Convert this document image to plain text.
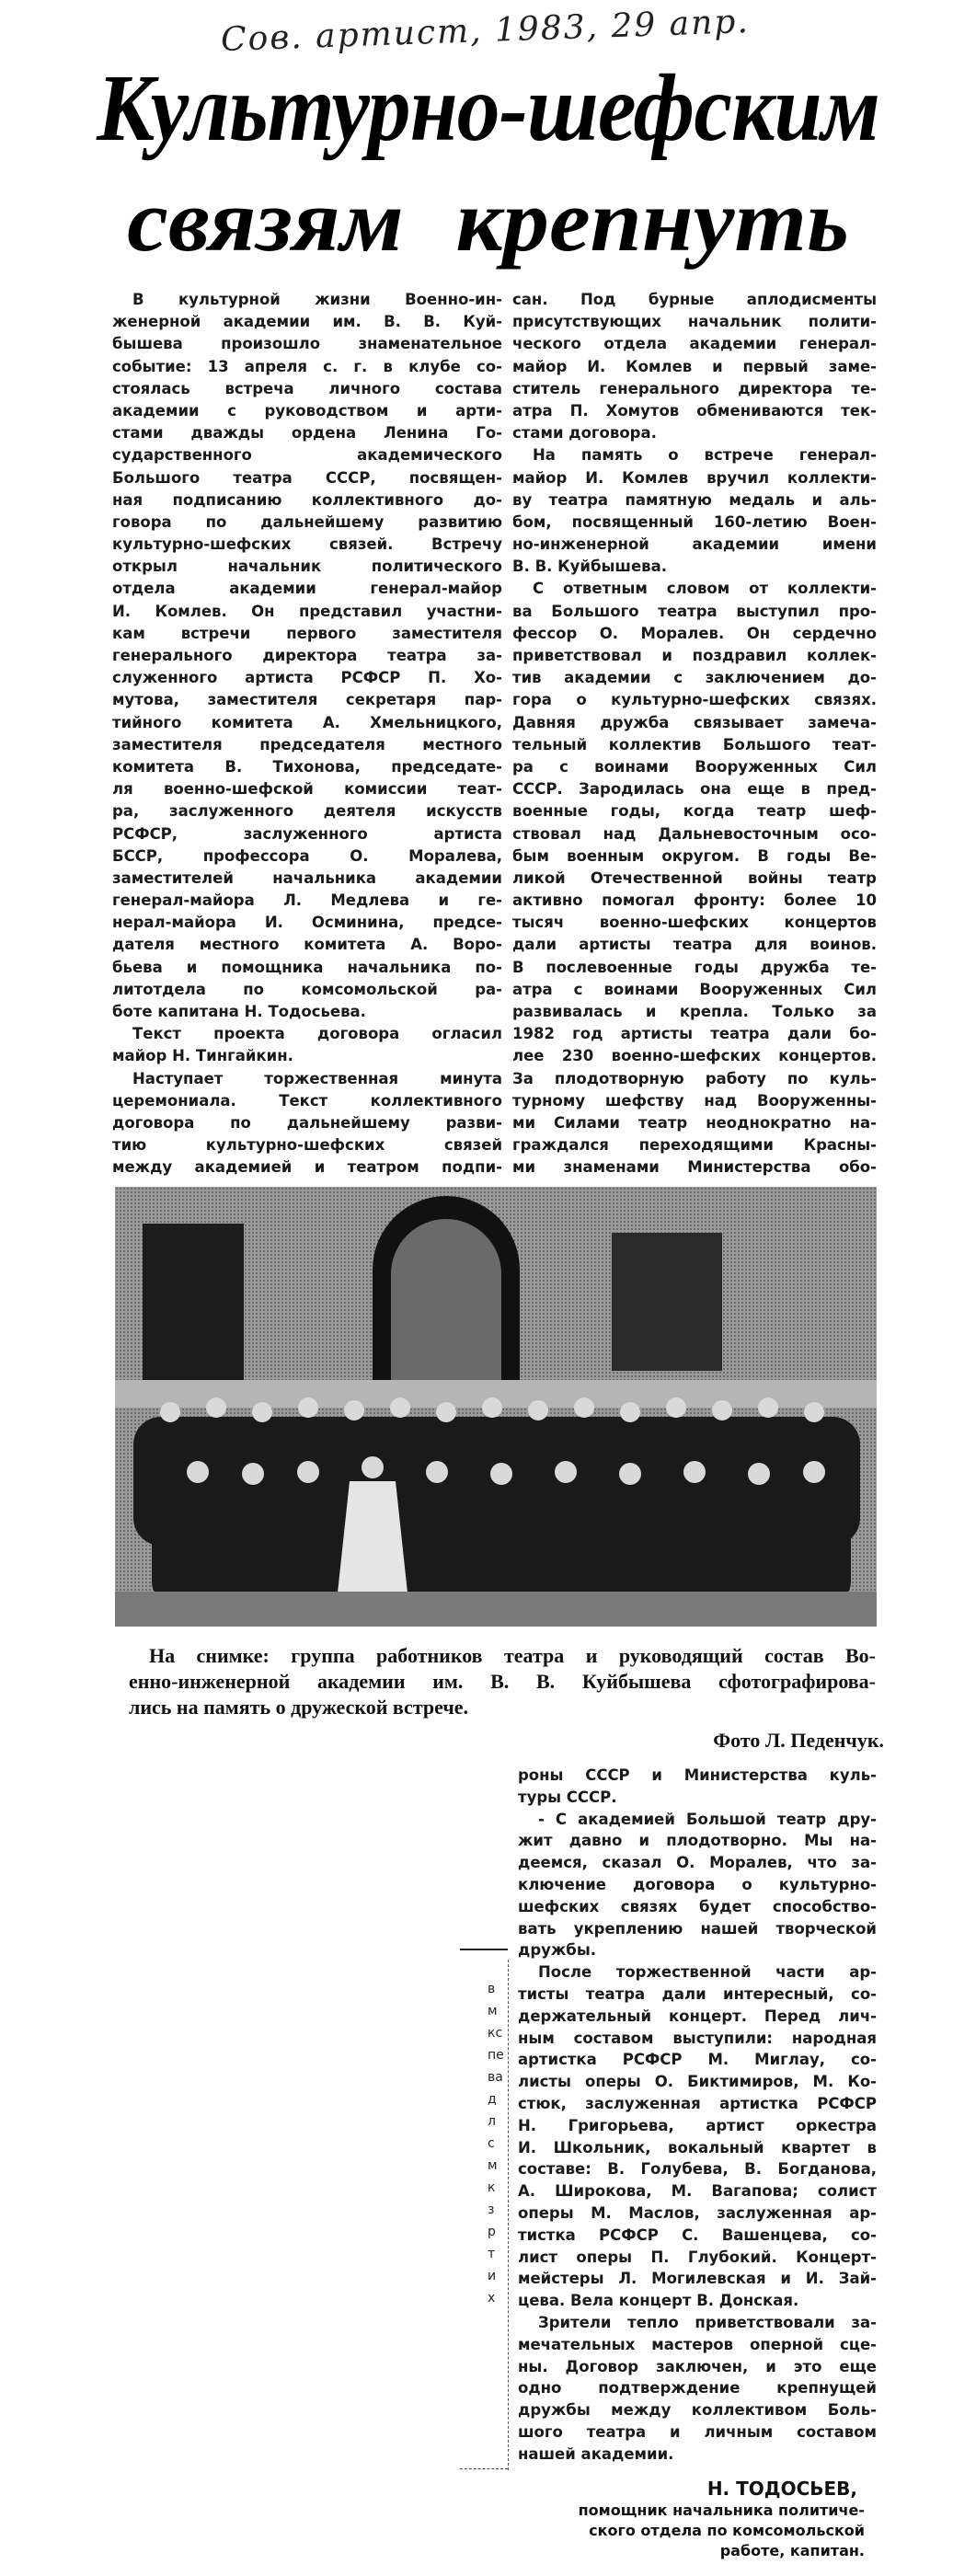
Сов. артист, 1983, 29 апр.
Культурно-шефским
связям крепнуть
В культурной жизни Военно-ин-
женерной академии им. В. В. Куй-
бышева произошло знаменательное
событие: 13 апреля с. г. в клубе со-
стоялась встреча личного состава
академии с руководством и арти-
стами дважды ордена Ленина Го-
сударственного академического
Большого театра СССР, посвящен-
ная подписанию коллективного до-
говора по дальнейшему развитию
культурно-шефских связей. Встречу
открыл начальник политического
отдела академии генерал-майор
И. Комлев. Он представил участни-
кам встречи первого заместителя
генерального директора театра за-
служенного артиста РСФСР П. Хо-
мутова, заместителя секретаря пар-
тийного комитета А. Хмельницкого,
заместителя председателя местного
комитета В. Тихонова, председате-
ля военно-шефской комиссии теат-
ра, заслуженного деятеля искусств
РСФСР, заслуженного артиста
БССР, профессора О. Моралева,
заместителей начальника академии
генерал-майора Л. Медлева и ге-
нерал-майора И. Осминина, предсе-
дателя местного комитета А. Воро-
бьева и помощника начальника по-
литотдела по комсомольской ра-
боте капитана Н. Тодосьева.
Текст проекта договора огласил
майор Н. Тингайкин.
Наступает торжественная минута
церемониала. Текст коллективного
договора по дальнейшему разви-
тию культурно-шефских связей
между академией и театром подпи-
сан. Под бурные аплодисменты
присутствующих начальник полити-
ческого отдела академии генерал-
майор И. Комлев и первый заме-
ститель генерального директора те-
атра П. Хомутов обмениваются тек-
стами договора.
На память о встрече генерал-
майор И. Комлев вручил коллекти-
ву театра памятную медаль и аль-
бом, посвященный 160-летию Воен-
но-инженерной академии имени
В. В. Куйбышева.
С ответным словом от коллекти-
ва Большого театра выступил про-
фессор О. Моралев. Он сердечно
приветствовал и поздравил коллек-
тив академии с заключением до-
гора о культурно-шефских связях.
Давняя дружба связывает замеча-
тельный коллектив Большого теат-
ра с воинами Вооруженных Сил
СССР. Зародилась она еще в пред-
военные годы, когда театр шеф-
ствовал над Дальневосточным осо-
бым военным округом. В годы Ве-
ликой Отечественной войны театр
активно помогал фронту: более 10
тысяч военно-шефских концертов
дали артисты театра для воинов.
В послевоенные годы дружба те-
атра с воинами Вооруженных Сил
развивалась и крепла. Только за
1982 год артисты театра дали бо-
лее 230 военно-шефских концертов.
За плодотворную работу по куль-
турному шефству над Вооруженны-
ми Силами театр неоднократно на-
граждался переходящими Красны-
ми знаменами Министерства обо-
На снимке: группа работников театра и руководящий состав Во-
енно-инженерной академии им. В. В. Куйбышева сфотографирова-
лись на память о дружеской встрече.
Фото Л. Педенчук.
в
м
кс
пе
ва
д
л
с
м
к
з
р
т
и
х
роны СССР и Министерства куль-
туры СССР.
- С академией Большой театр дру-
жит давно и плодотворно. Мы на-
деемся, сказал О. Моралев, что за-
ключение договора о культурно-
шефских связях будет способство-
вать укреплению нашей творческой
дружбы.
После торжественной части ар-
тисты театра дали интересный, со-
держательный концерт. Перед лич-
ным составом выступили: народная
артистка РСФСР М. Миглау, со-
листы оперы О. Биктимиров, М. Ко-
стюк, заслуженная артистка РСФСР
Н. Григорьева, артист оркестра
И. Школьник, вокальный квартет в
составе: В. Голубева, В. Богданова,
А. Широкова, М. Вагапова; солист
оперы М. Маслов, заслуженная ар-
тистка РСФСР С. Вашенцева, со-
лист оперы П. Глубокий. Концерт-
мейстеры Л. Могилевская и И. Зай-
цева. Вела концерт В. Донская.
Зрители тепло приветствовали за-
мечательных мастеров оперной сце-
ны. Договор заключен, и это еще
одно подтверждение крепнущей
дружбы между коллективом Боль-
шого театра и личным составом
нашей академии.
Н. ТОДОСЬЕВ,
помощник начальника политиче-
ского отдела по комсомольской
работе, капитан.
